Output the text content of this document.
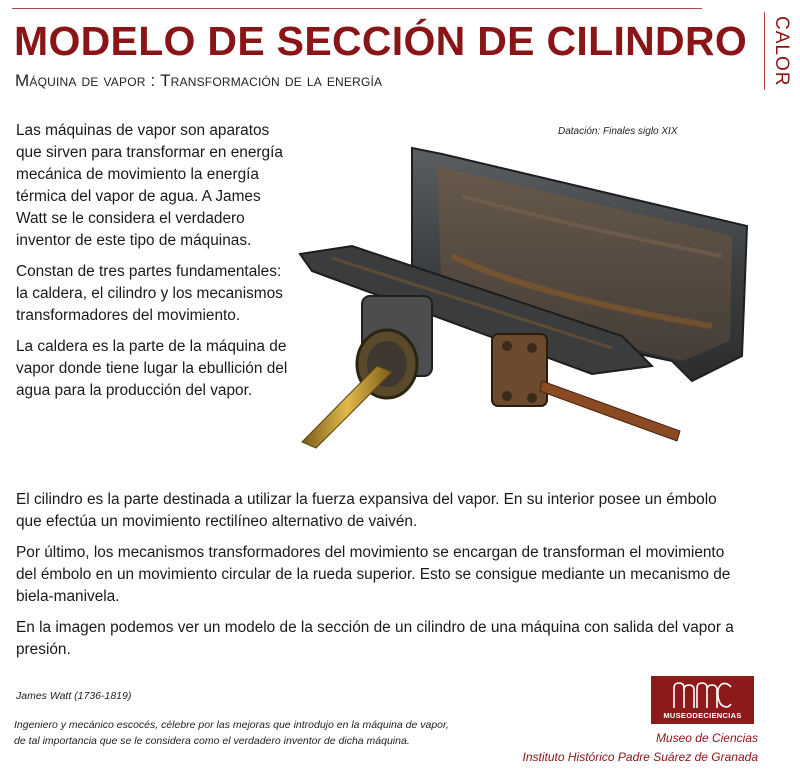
MODELO DE SECCIÓN DE CILINDRO
Máquina de vapor : Transformación de la energía	CALOR
Datación: Finales siglo XIX

Las máquinas de vapor son aparatos que sirven para transformar en energía mecánica de movimiento la energía térmica del vapor de agua. A James Watt se le considera el verdadero inventor de este tipo de máquinas.

Constan de tres partes fundamentales: la caldera, el cilindro y los mecanismos transformadores del movimiento.

La caldera es la parte de la máquina de vapor donde tiene lugar la ebullición del agua para la producción del vapor.

El cilindro es la parte destinada a utilizar la fuerza expansiva del vapor. En su interior posee un émbolo que efectúa un movimiento rectilíneo alternativo de vaivén.

Por último, los mecanismos transformadores del movimiento se encargan de transforman el movimiento del émbolo en un movimiento circular de la rueda superior. Esto se consigue mediante un mecanismo de biela-manivela.

En la imagen podemos ver un modelo de la sección de un cilindro de una máquina con salida del vapor a presión.

James Watt (1736-1819)
Ingeniero y mecánico escocés, célebre por las mejoras que introdujo en la máquina de vapor, de tal importancia que se le considera como el verdadero inventor de dicha máquina.
MUSEODECIENCIAS
Museo de Ciencias
Instituto Histórico Padre Suárez de Granada
